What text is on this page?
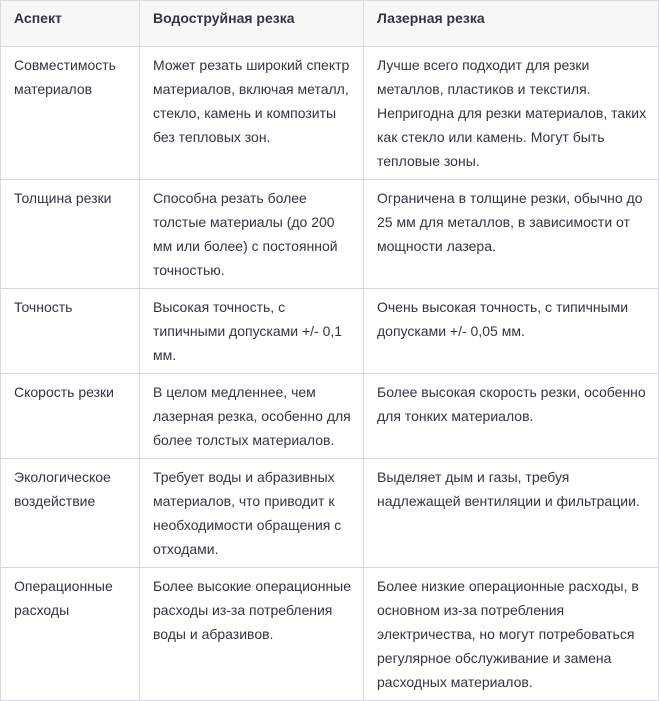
Аспект	Водоструйная резка	Лазерная резка
Совместимость материалов	Может резать широкий спектр материалов, включая металл, стекло, камень и композиты без тепловых зон.	Лучше всего подходит для резки металлов, пластиков и текстиля. Непригодна для резки материалов, таких как стекло или камень. Могут быть тепловые зоны.
Толщина резки	Способна резать более толстые материалы (до 200 мм или более) с постоянной точностью.	Ограничена в толщине резки, обычно до 25 мм для металлов, в зависимости от мощности лазера.
Точность	Высокая точность, с типичными допусками +/- 0,1 мм.	Очень высокая точность, с типичными допусками +/- 0,05 мм.
Скорость резки	В целом медленнее, чем лазерная резка, особенно для более толстых материалов.	Более высокая скорость резки, особенно для тонких материалов.
Экологическое воздействие	Требует воды и абразивных материалов, что приводит к необходимости обращения с отходами.	Выделяет дым и газы, требуя надлежащей вентиляции и фильтрации.
Операционные расходы	Более высокие операционные расходы из-за потребления воды и абразивов.	Более низкие операционные расходы, в основном из-за потребления электричества, но могут потребоваться регулярное обслуживание и замена расходных материалов.
